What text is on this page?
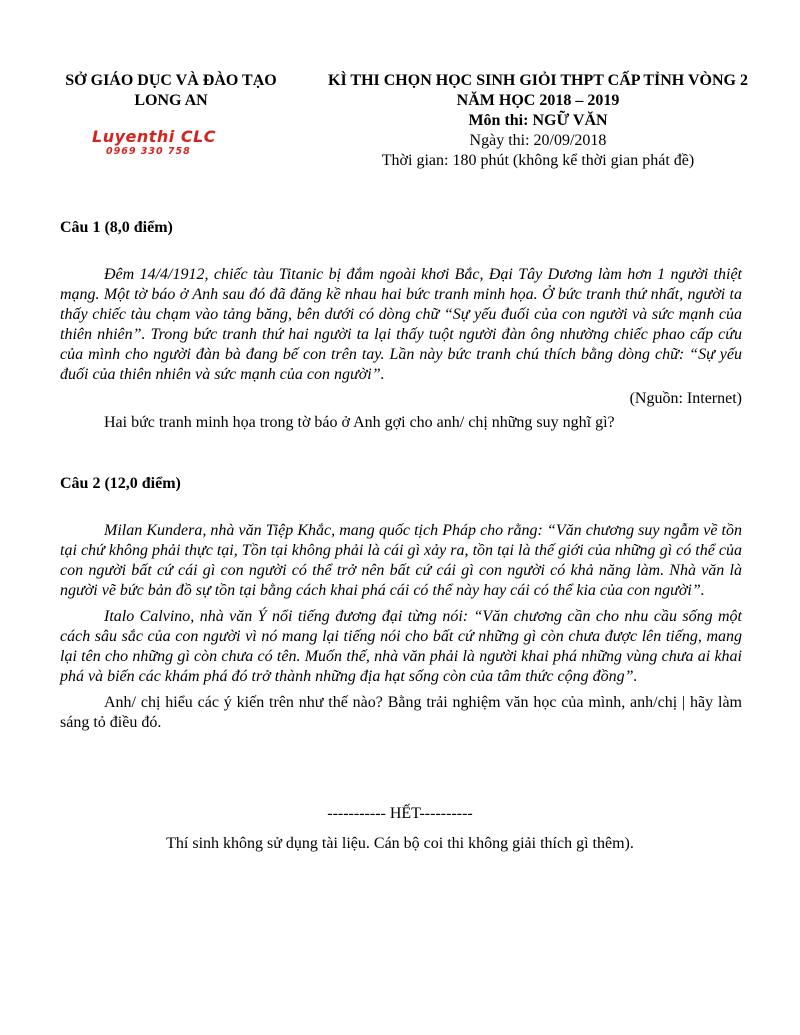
SỞ GIÁO DỤC VÀ ĐÀO TẠO
LONG AN
KÌ THI CHỌN HỌC SINH GIỎI THPT CẤP TỈNH VÒNG 2
NĂM HỌC 2018 – 2019
Môn thi: NGỮ VĂN
Ngày thi: 20/09/2018
Thời gian: 180 phút (không kể thời gian phát đề)
Luyenthi CLC
0969 330 758

Câu 1 (8,0 điểm)

Đêm 14/4/1912, chiếc tàu Titanic bị đắm ngoài khơi Bắc, Đại Tây Dương làm hơn 1 người thiệt mạng. Một tờ báo ở Anh sau đó đã đăng kề nhau hai bức tranh minh họa. Ở bức tranh thứ nhất, người ta thấy chiếc tàu chạm vào tảng băng, bên dưới có dòng chữ “Sự yếu đuối của con người và sức mạnh của thiên nhiên”. Trong bức tranh thứ hai người ta lại thấy tuột người đàn ông nhường chiếc phao cấp cứu của mình cho người đàn bà đang bế con trên tay. Lần này bức tranh chú thích bằng dòng chữ: “Sự yếu đuối của thiên nhiên và sức mạnh của con người”.

(Nguồn: Internet)

Hai bức tranh minh họa trong tờ báo ở Anh gợi cho anh/ chị những suy nghĩ gì?

Câu 2 (12,0 điểm)

Milan Kundera, nhà văn Tiệp Khắc, mang quốc tịch Pháp cho rằng: “Văn chương suy ngẫm về tồn tại chứ không phải thực tại, Tồn tại không phải là cái gì xảy ra, tồn tại là thế giới của những gì có thể của con người bất cứ cái gì con người có thể trở nên bất cứ cái gì con người có khả năng làm. Nhà văn là người vẽ bức bản đồ sự tồn tại bằng cách khai phá cái có thể này hay cái có thể kia của con người”.

Italo Calvino, nhà văn Ý nổi tiếng đương đại từng nói: “Văn chương cần cho nhu cầu sống một cách sâu sắc của con người vì nó mang lại tiếng nói cho bất cứ những gì còn chưa được lên tiếng, mang lại tên cho những gì còn chưa có tên. Muốn thế, nhà văn phải là người khai phá những vùng chưa ai khai phá và biến các khám phá đó trở thành những địa hạt sống còn của tâm thức cộng đồng”.

Anh/ chị hiểu các ý kiến trên như thế nào? Bằng trải nghiệm văn học của mình, anh/chị | hãy làm sáng tỏ điều đó.

----------- HẾT----------

Thí sinh không sử dụng tài liệu. Cán bộ coi thi không giải thích gì thêm).
